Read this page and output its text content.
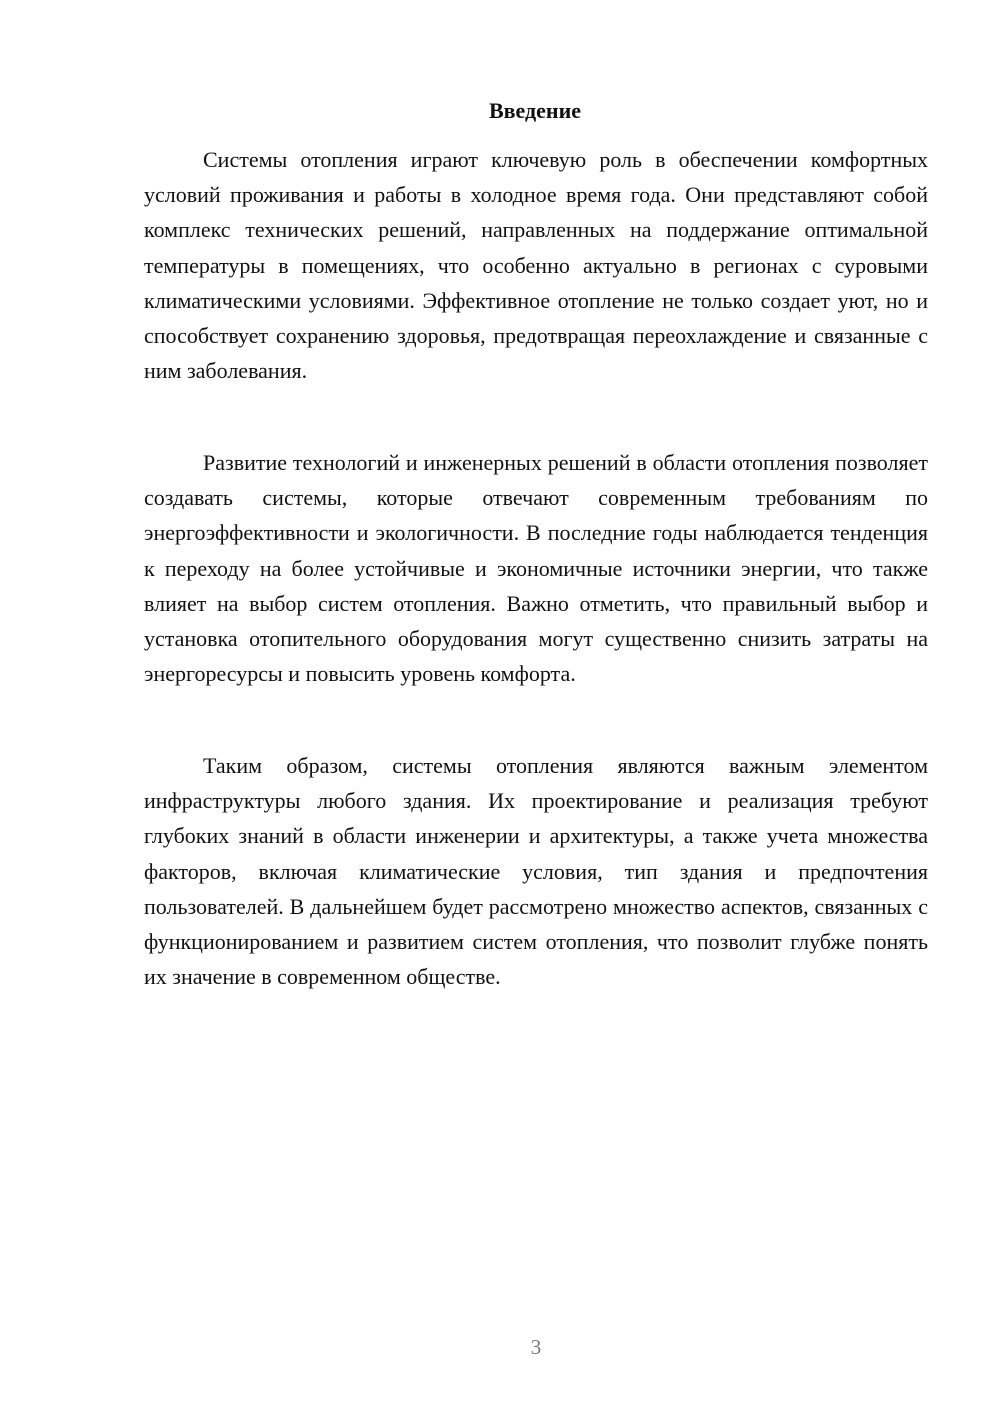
Введение

Системы отопления играют ключевую роль в обеспечении комфортных условий проживания и работы в холодное время года. Они представляют собой комплекс технических решений, направленных на поддержание оптимальной температуры в помещениях, что особенно актуально в регионах с суровыми климатическими условиями. Эффективное отопление не только создает уют, но и способствует сохранению здоровья, предотвращая переохлаждение и связанные с ним заболевания.

Развитие технологий и инженерных решений в области отопления позволяет создавать системы, которые отвечают современным требованиям по энергоэффективности и экологичности. В последние годы наблюдается тенденция к переходу на более устойчивые и экономичные источники энергии, что также влияет на выбор систем отопления. Важно отметить, что правильный выбор и установка отопительного оборудования могут существенно снизить затраты на энергоресурсы и повысить уровень комфорта.

Таким образом, системы отопления являются важным элементом инфраструктуры любого здания. Их проектирование и реализация требуют глубоких знаний в области инженерии и архитектуры, а также учета множества факторов, включая климатические условия, тип здания и предпочтения пользователей. В дальнейшем будет рассмотрено множество аспектов, связанных с функционированием и развитием систем отопления, что позволит глубже понять их значение в современном обществе.

3
